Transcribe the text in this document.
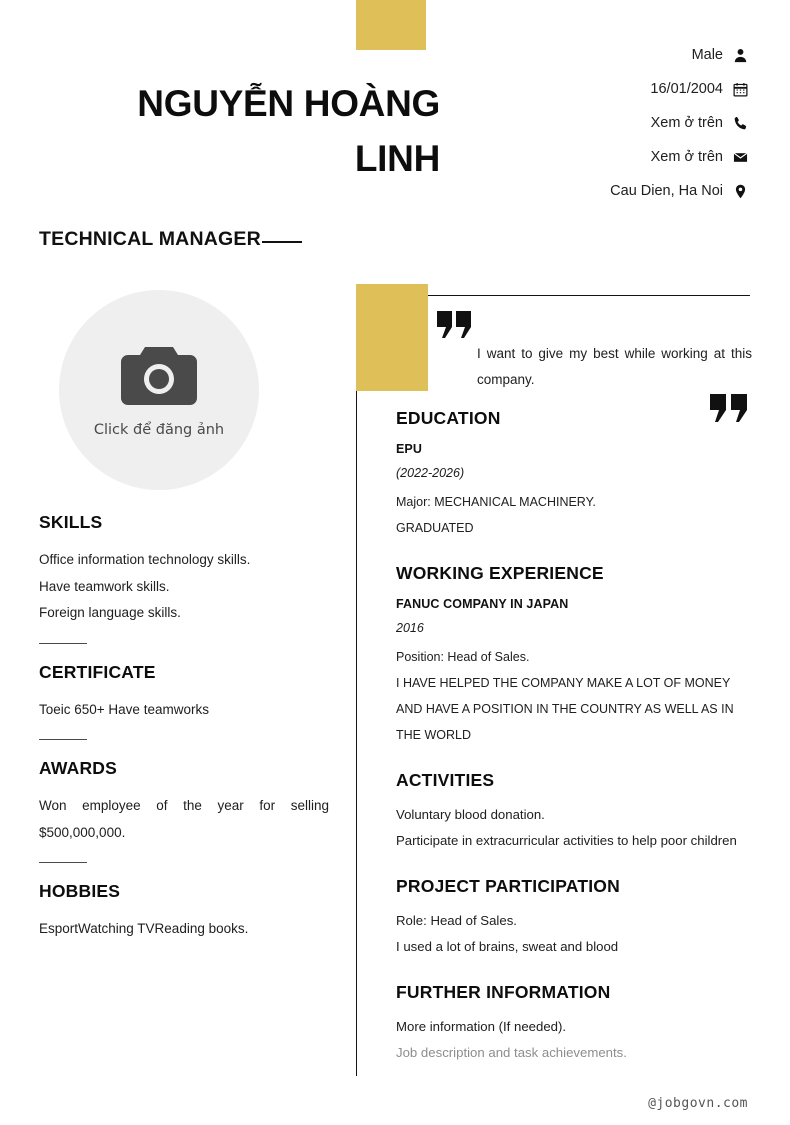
NGUYỄN HOÀNG
LINH
Male
16/01/2004
Xem ở trên
Xem ở trên
Cau Dien, Ha Noi
TECHNICAL MANAGER
Click để đăng ảnh
SKILLS

Office information technology skills.

Have teamwork skills.

Foreign language skills.

CERTIFICATE

Toeic 650+ Have teamworks

AWARDS

Won employee of the year for selling $500,000,000.

HOBBIES

EsportWatching TVReading books.

I want to give my best while working at this company.
EDUCATION

EPU

(2022-2026)

Major: MECHANICAL MACHINERY.

GRADUATED

WORKING EXPERIENCE

FANUC COMPANY IN JAPAN

2016

Position: Head of Sales.

I HAVE HELPED THE COMPANY MAKE A LOT OF MONEY AND HAVE A POSITION IN THE COUNTRY AS WELL AS IN THE WORLD

ACTIVITIES

Voluntary blood donation.

Participate in extracurricular activities to help poor children

PROJECT PARTICIPATION

Role: Head of Sales.

I used a lot of brains, sweat and blood

FURTHER INFORMATION

More information (If needed).

Job description and task achievements.

@jobgovn.com
